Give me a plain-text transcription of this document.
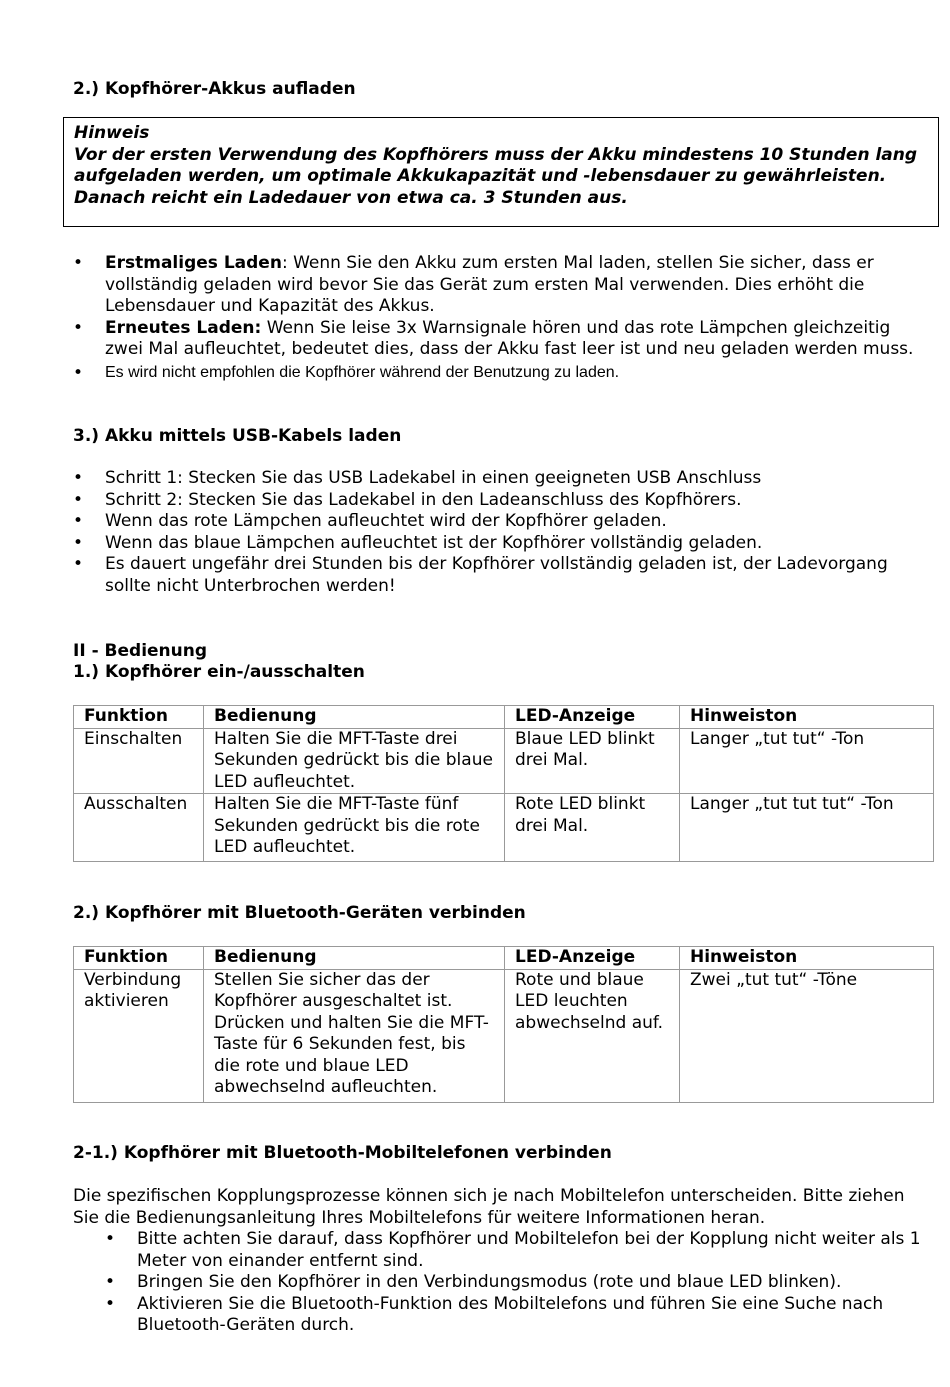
2.) Kopfhörer-Akkus aufladen
Hinweis
Vor der ersten Verwendung des Kopfhörers muss der Akku mindestens 10 Stunden lang aufgeladen werden, um optimale Akkukapazität und -lebensdauer zu gewährleisten. Danach reicht ein Ladedauer von etwa ca. 3 Stunden aus.
• Erstmaliges Laden: Wenn Sie den Akku zum ersten Mal laden, stellen Sie sicher, dass er vollständig geladen wird bevor Sie das Gerät zum ersten Mal verwenden. Dies erhöht die Lebensdauer und Kapazität des Akkus.
• Erneutes Laden: Wenn Sie leise 3x Warnsignale hören und das rote Lämpchen gleichzeitig zwei Mal aufleuchtet, bedeutet dies, dass der Akku fast leer ist und neu geladen werden muss.
• Es wird nicht empfohlen die Kopfhörer während der Benutzung zu laden.
3.) Akku mittels USB-Kabels laden
• Schritt 1: Stecken Sie das USB Ladekabel in einen geeigneten USB Anschluss
• Schritt 2: Stecken Sie das Ladekabel in den Ladeanschluss des Kopfhörers.
• Wenn das rote Lämpchen aufleuchtet wird der Kopfhörer geladen.
• Wenn das blaue Lämpchen aufleuchtet ist der Kopfhörer vollständig geladen.
• Es dauert ungefähr drei Stunden bis der Kopfhörer vollständig geladen ist, der Ladevorgang sollte nicht Unterbrochen werden!
II - Bedienung
1.) Kopfhörer ein-/ausschalten
Funktion	Bedienung	LED-Anzeige	Hinweiston
Einschalten	Halten Sie die MFT-Taste drei Sekunden gedrückt bis die blaue LED aufleuchtet.	Blaue LED blinkt drei Mal.	Langer „tut tut“ -Ton
Ausschalten	Halten Sie die MFT-Taste fünf Sekunden gedrückt bis die rote LED aufleuchtet.	Rote LED blinkt drei Mal.	Langer „tut tut tut“ -Ton
2.) Kopfhörer mit Bluetooth-Geräten verbinden
Funktion	Bedienung	LED-Anzeige	Hinweiston
Verbindung aktivieren	Stellen Sie sicher das der Kopfhörer ausgeschaltet ist. Drücken und halten Sie die MFT-Taste für 6 Sekunden fest, bis die rote und blaue LED abwechselnd aufleuchten.	Rote und blaue LED leuchten abwechselnd auf.	Zwei „tut tut“ -Töne
2-1.) Kopfhörer mit Bluetooth-Mobiltelefonen verbinden
Die spezifischen Kopplungsprozesse können sich je nach Mobiltelefon unterscheiden. Bitte ziehen Sie die Bedienungsanleitung Ihres Mobiltelefons für weitere Informationen heran.
• Bitte achten Sie darauf, dass Kopfhörer und Mobiltelefon bei der Kopplung nicht weiter als 1 Meter von einander entfernt sind.
• Bringen Sie den Kopfhörer in den Verbindungsmodus (rote und blaue LED blinken).
• Aktivieren Sie die Bluetooth-Funktion des Mobiltelefons und führen Sie eine Suche nach Bluetooth-Geräten durch.
